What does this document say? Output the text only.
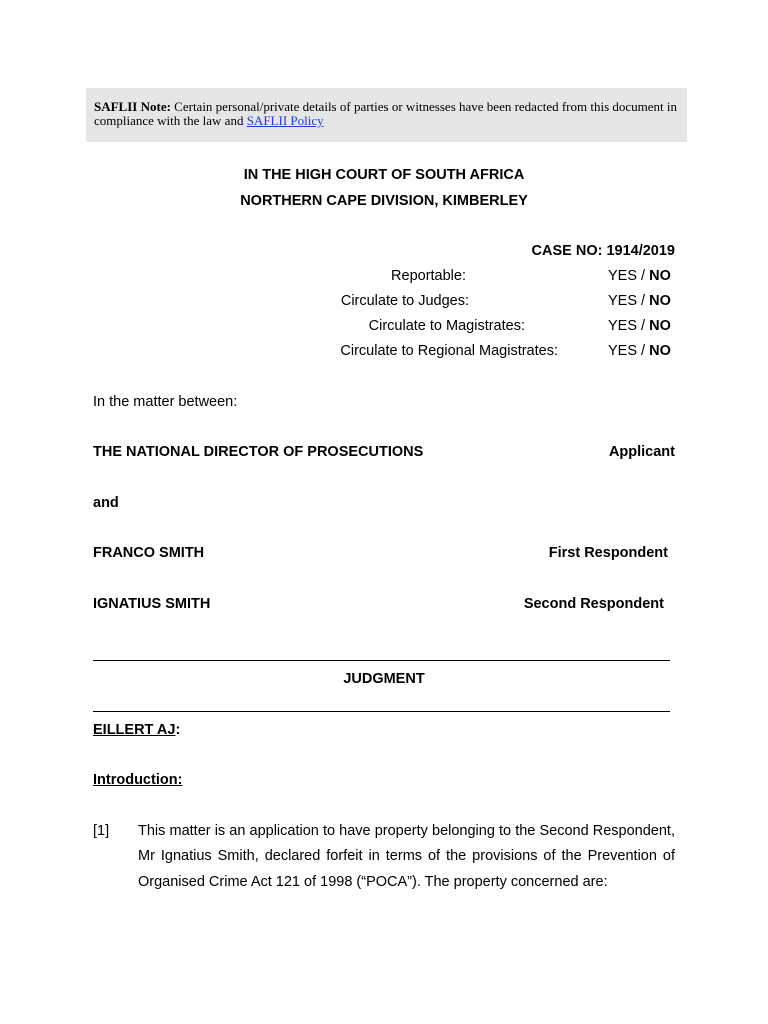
SAFLII Note: Certain personal/private details of parties or witnesses have been redacted from this document in compliance with the law and SAFLII Policy
IN THE HIGH COURT OF SOUTH AFRICA
NORTHERN CAPE DIVISION, KIMBERLEY
CASE NO: 1914/2019
Reportable:	YES / NO
Circulate to Judges:	YES / NO
Circulate to Magistrates:	YES / NO
Circulate to Regional Magistrates:	YES / NO
In the matter between:
THE NATIONAL DIRECTOR OF PROSECUTIONS	Applicant
and
FRANCO SMITH	First Respondent
IGNATIUS SMITH	Second Respondent
JUDGMENT
EILLERT AJ:
Introduction:
[1] This matter is an application to have property belonging to the Second Respondent, Mr Ignatius Smith, declared forfeit in terms of the provisions of the Prevention of Organised Crime Act 121 of 1998 (“POCA”). The property concerned are:
